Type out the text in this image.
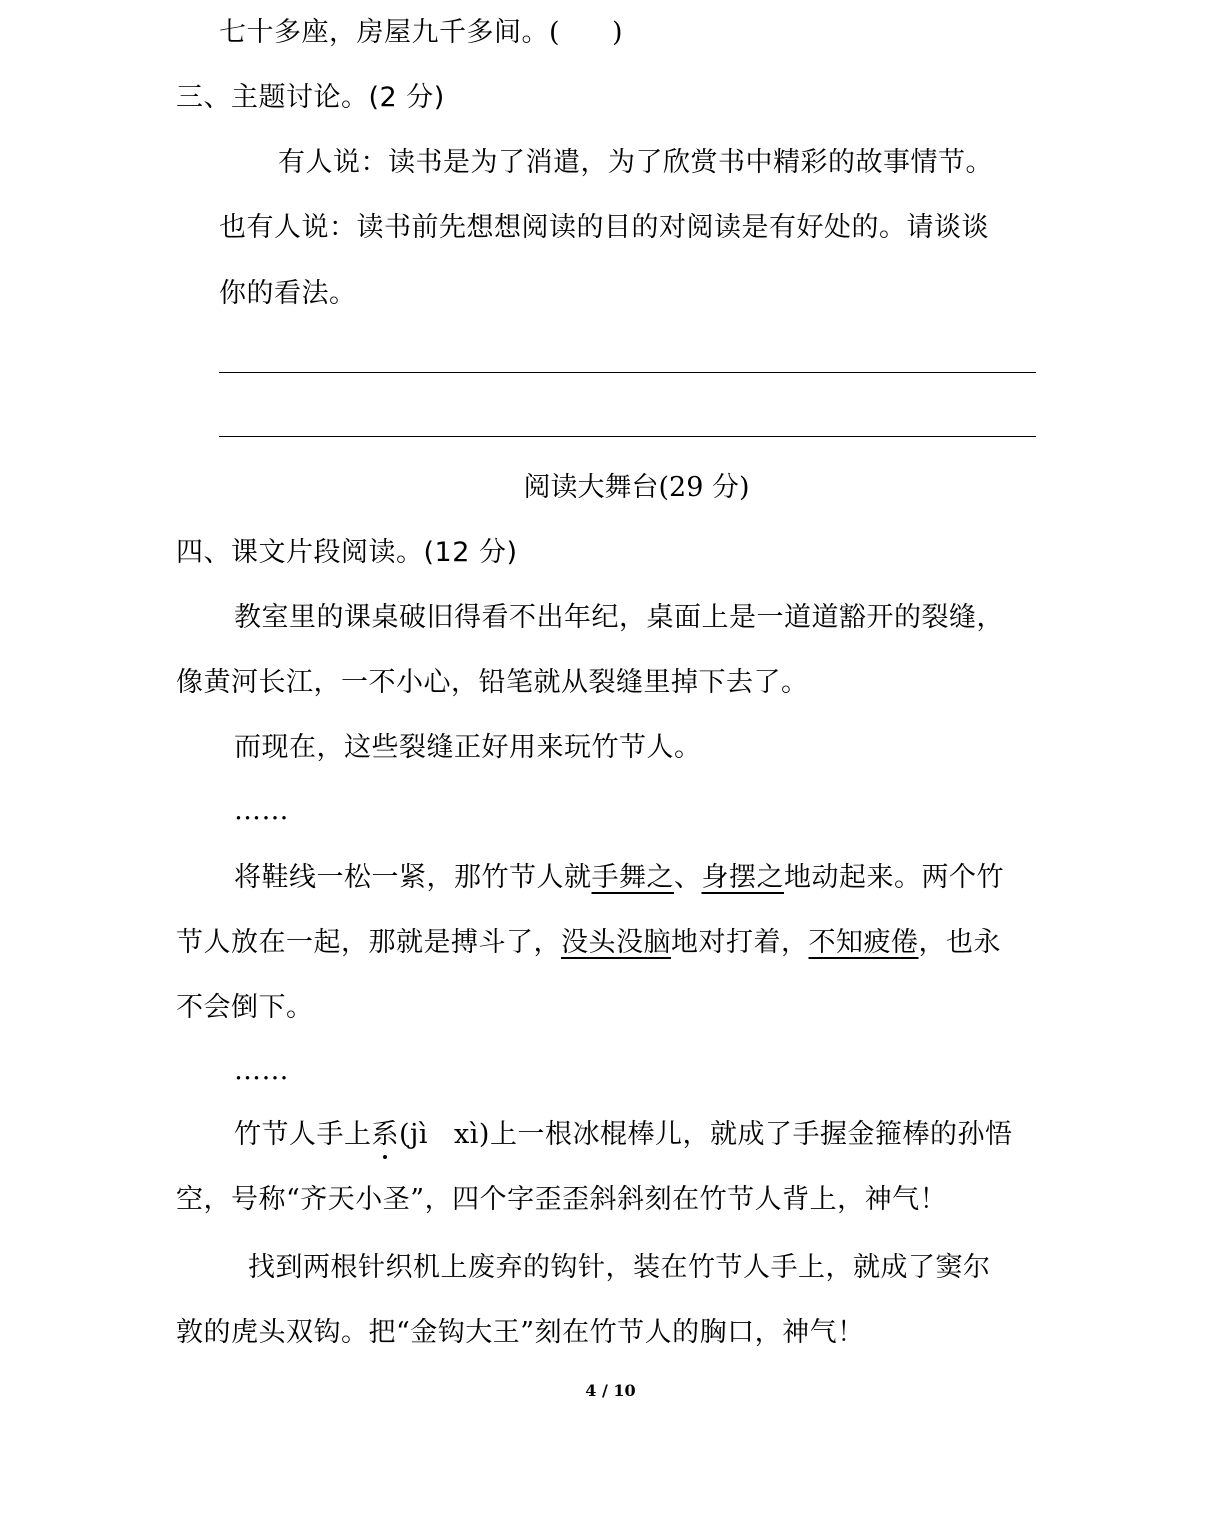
七十多座，房屋九千多间。( )
三、主题讨论。(2 分)
有人说：读书是为了消遣，为了欣赏书中精彩的故事情节。
也有人说：读书前先想想阅读的目的对阅读是有好处的。请谈谈
你的看法。
阅读大舞台(29 分)
四、课文片段阅读。(12 分)
教室里的课桌破旧得看不出年纪，桌面上是一道道豁开的裂缝，
像黄河长江，一不小心，铅笔就从裂缝里掉下去了。
而现在，这些裂缝正好用来玩竹节人。
……
将鞋线一松一紧，那竹节人就手舞之、身摆之地动起来。两个竹
节人放在一起，那就是搏斗了，没头没脑地对打着，不知疲倦，也永
不会倒下。
……
竹节人手上系(jì xì)上一根冰棍棒儿，就成了手握金箍棒的孙悟
空，号称“齐天小圣”，四个字歪歪斜斜刻在竹节人背上，神气！
找到两根针织机上废弃的钩针，装在竹节人手上，就成了窦尔
敦的虎头双钩。把“金钩大王”刻在竹节人的胸口，神气！
4 / 10
